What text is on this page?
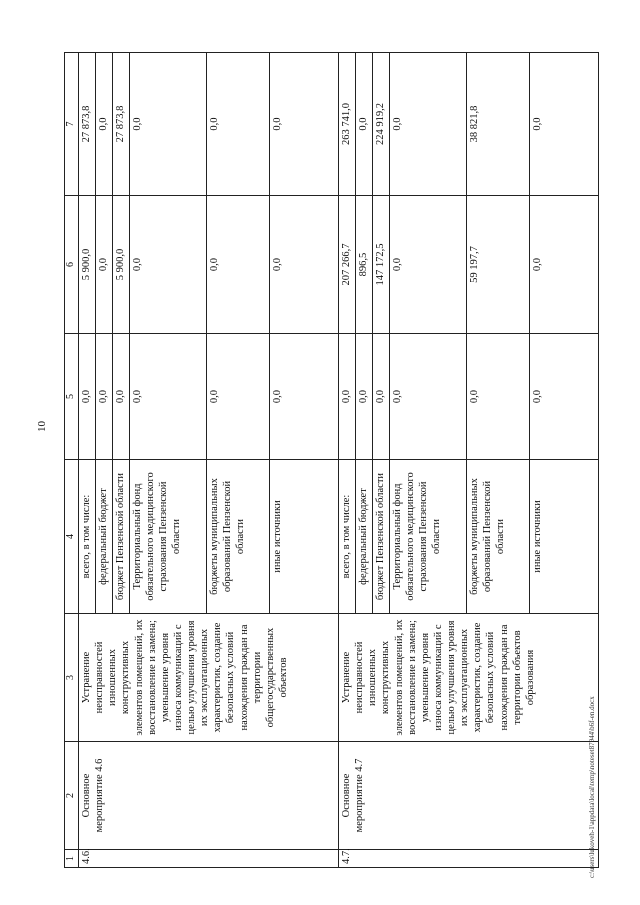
10
c:\users\lukoveh-1\appdata\local\temp\noteset87944\b6f-en.docx
1	2	3	4	5	6	7
4.6.	Основное мероприятие 4.6	Устранение неисправностей изношенных конструктивных элементов помещений, их восстановление и замена; уменьшение уровня износа коммуникаций с целью улучшения уровня их эксплуатационных характеристик, создание безопасных условий нахождения граждан на территории общегосударственных объектов	всего, в том числе:	0,0	5 900,0	27 873,8
			федеральный бюджет	0,0	0,0	0,0
			бюджет Пензенской области	0,0	5 900,0	27 873,8
			Территориальный фонд обязательного медицинского страхования Пензенской области	0,0	0,0	0,0
			бюджеты муниципальных образований Пензенской области	0,0	0,0	0,0
			иные источники	0,0	0,0	0,0
4.7.	Основное мероприятие 4.7	Устранение неисправностей изношенных конструктивных элементов помещений, их восстановление и замена; уменьшение уровня износа коммуникаций с целью улучшения уровня их эксплуатационных характеристик, создание безопасных условий нахождения граждан на территории объектов образования	всего, в том числе:	0,0	207 266,7	263 741,0
			федеральный бюджет	0,0	896,5	0,0
			бюджет Пензенской области	0,0	147 172,5	224 919,2
			Территориальный фонд обязательного медицинского страхования Пензенской области	0,0	0,0	0,0
			бюджеты муниципальных образований Пензенской области	0,0	59 197,7	38 821,8
			иные источники	0,0	0,0	0,0
